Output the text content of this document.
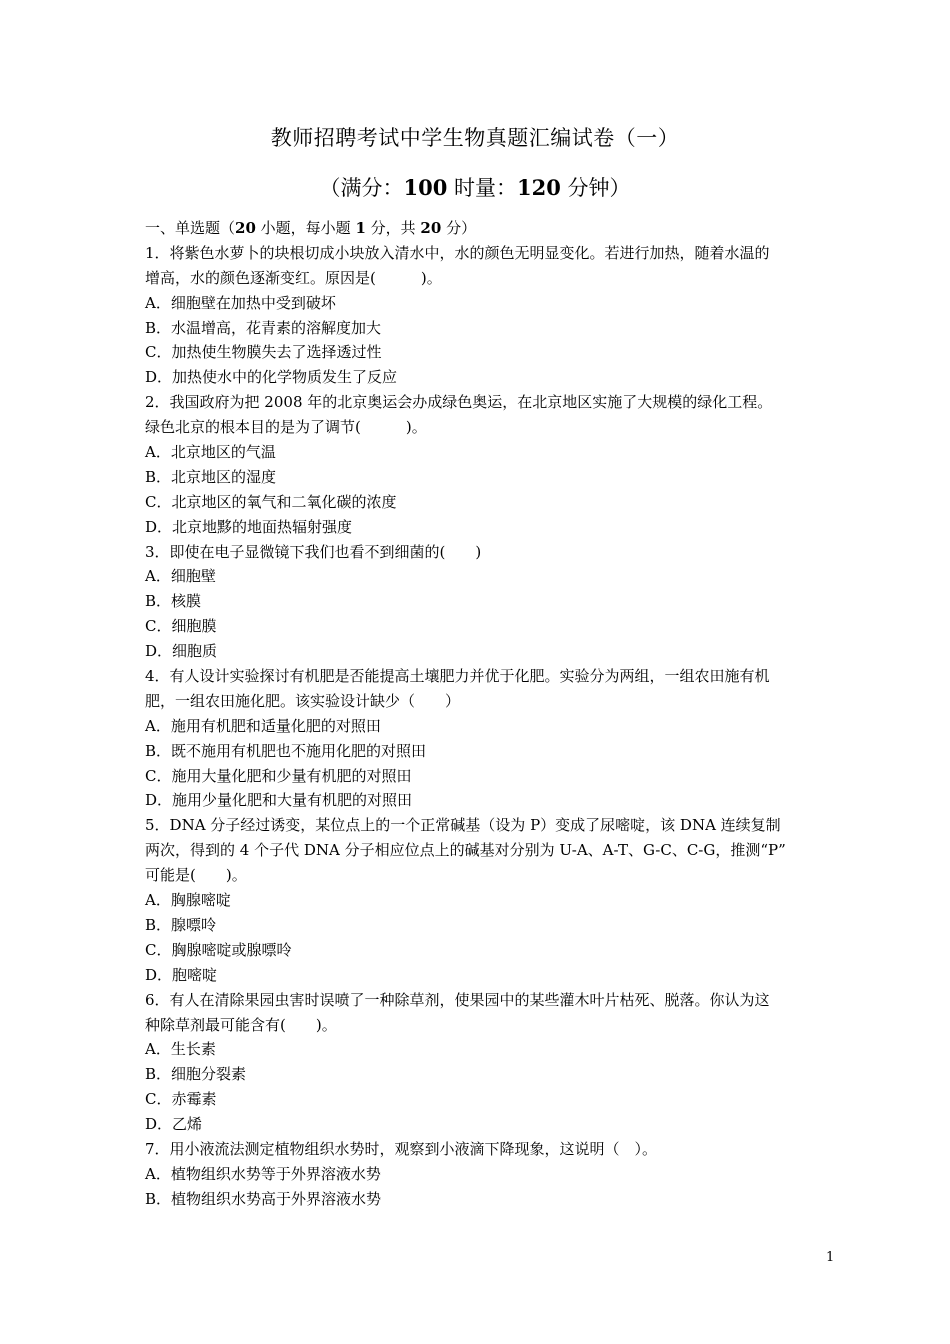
教师招聘考试中学生物真题汇编试卷（一）
（满分：100 时量：120 分钟）
一、单选题（20 小题，每小题 1 分，共 20 分）
1．将紫色水萝卜的块根切成小块放入清水中，水的颜色无明显变化。若进行加热，随着水温的
增高，水的颜色逐渐变红。原因是(　　　)。
A．细胞壁在加热中受到破坏
B．水温增高，花青素的溶解度加大
C．加热使生物膜失去了选择透过性
D．加热使水中的化学物质发生了反应
2．我国政府为把 2008 年的北京奥运会办成绿色奥运，在北京地区实施了大规模的绿化工程。
绿色北京的根本目的是为了调节(　　　)。
A．北京地区的气温
B．北京地区的湿度
C．北京地区的氧气和二氧化碳的浓度
D．北京地黟的地面热辐射强度
3．即使在电子显微镜下我们也看不到细菌的(　　)
A．细胞壁
B．核膜
C．细胞膜
D．细胞质
4．有人设计实验探讨有机肥是否能提高土壤肥力并优于化肥。实验分为两组，一组农田施有机
肥，一组农田施化肥。该实验设计缺少（　　）
A．施用有机肥和适量化肥的对照田
B．既不施用有机肥也不施用化肥的对照田
C．施用大量化肥和少量有机肥的对照田
D．施用少量化肥和大量有机肥的对照田
5．DNA 分子经过诱变，某位点上的一个正常碱基（设为 P）变成了尿嘧啶，该 DNA 连续复制
两次，得到的 4 个子代 DNA 分子相应位点上的碱基对分别为 U-A、A-T、G-C、C-G，推测“P”
可能是(　　)。
A．胸腺嘧啶
B．腺嘌呤
C．胸腺嘧啶或腺嘌呤
D．胞嘧啶
6．有人在清除果园虫害时误喷了一种除草剂，使果园中的某些灌木叶片枯死、脱落。你认为这
种除草剂最可能含有(　　)。
A．生长素
B．细胞分裂素
C．赤霉素
D．乙烯
7．用小液流法测定植物组织水势时，观察到小液滴下降现象，这说明（　）。
A．植物组织水势等于外界溶液水势
B．植物组织水势高于外界溶液水势
1
